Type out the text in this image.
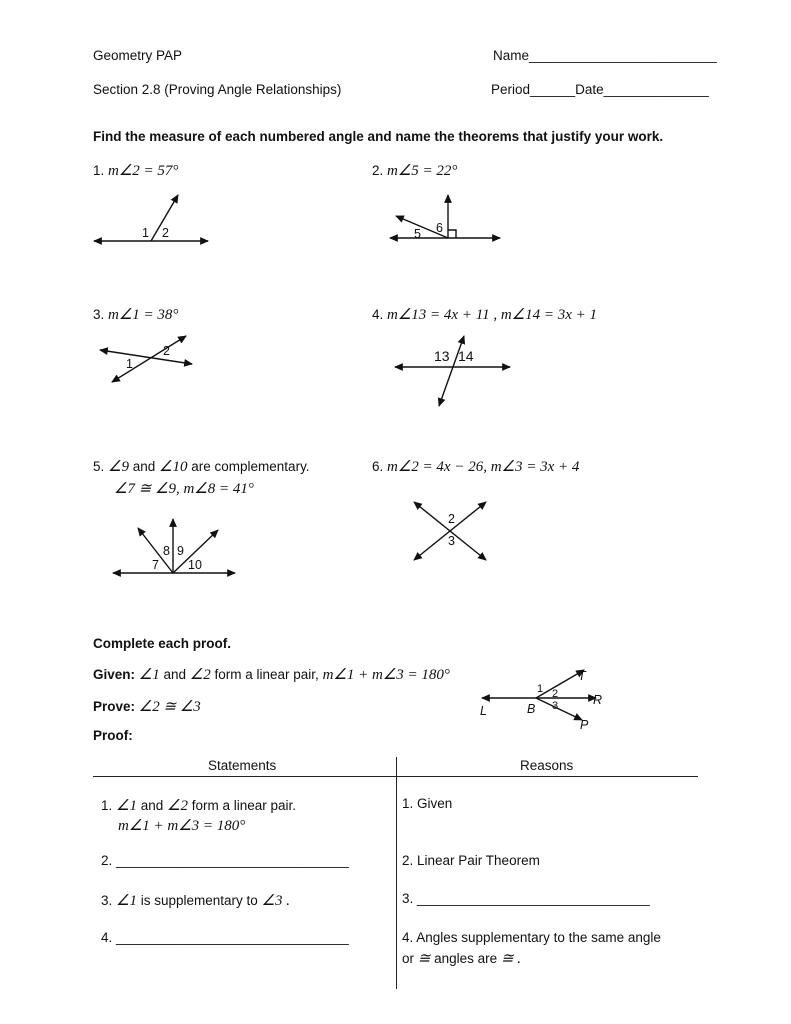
Geometry PAP	Name_________________________
Section 2.8 (Proving Angle Relationships)	Period______Date______________
Find the measure of each numbered angle and name the theorems that justify your work.
1. m∠2 = 57°
1 2
2. m∠5 = 22°
5 6
3. m∠1 = 38°
1
2
4. m∠13 = 4x + 11 , m∠14 = 3x + 1
13 14
5. ∠9 and ∠10 are complementary.
∠7 ≅ ∠9, m∠8 = 41°
7
8 9
10
6. m∠2 = 4x − 26, m∠3 = 3x + 4
2
3
Complete each proof.
Given: ∠1 and ∠2 form a linear pair, m∠1 + m∠3 = 180°
Prove: ∠2 ≅ ∠3
Proof:
T
R
P
L	B
1 2
3
Statements	Reasons
1. ∠1 and ∠2 form a linear pair.
m∠1 + m∠3 = 180°
1. Given
2. _______________________________	2. Linear Pair Theorem
3. ∠1 is supplementary to ∠3 .	3. _______________________________
4. _______________________________	4. Angles supplementary to the same angle
or ≅ angles are ≅ .
